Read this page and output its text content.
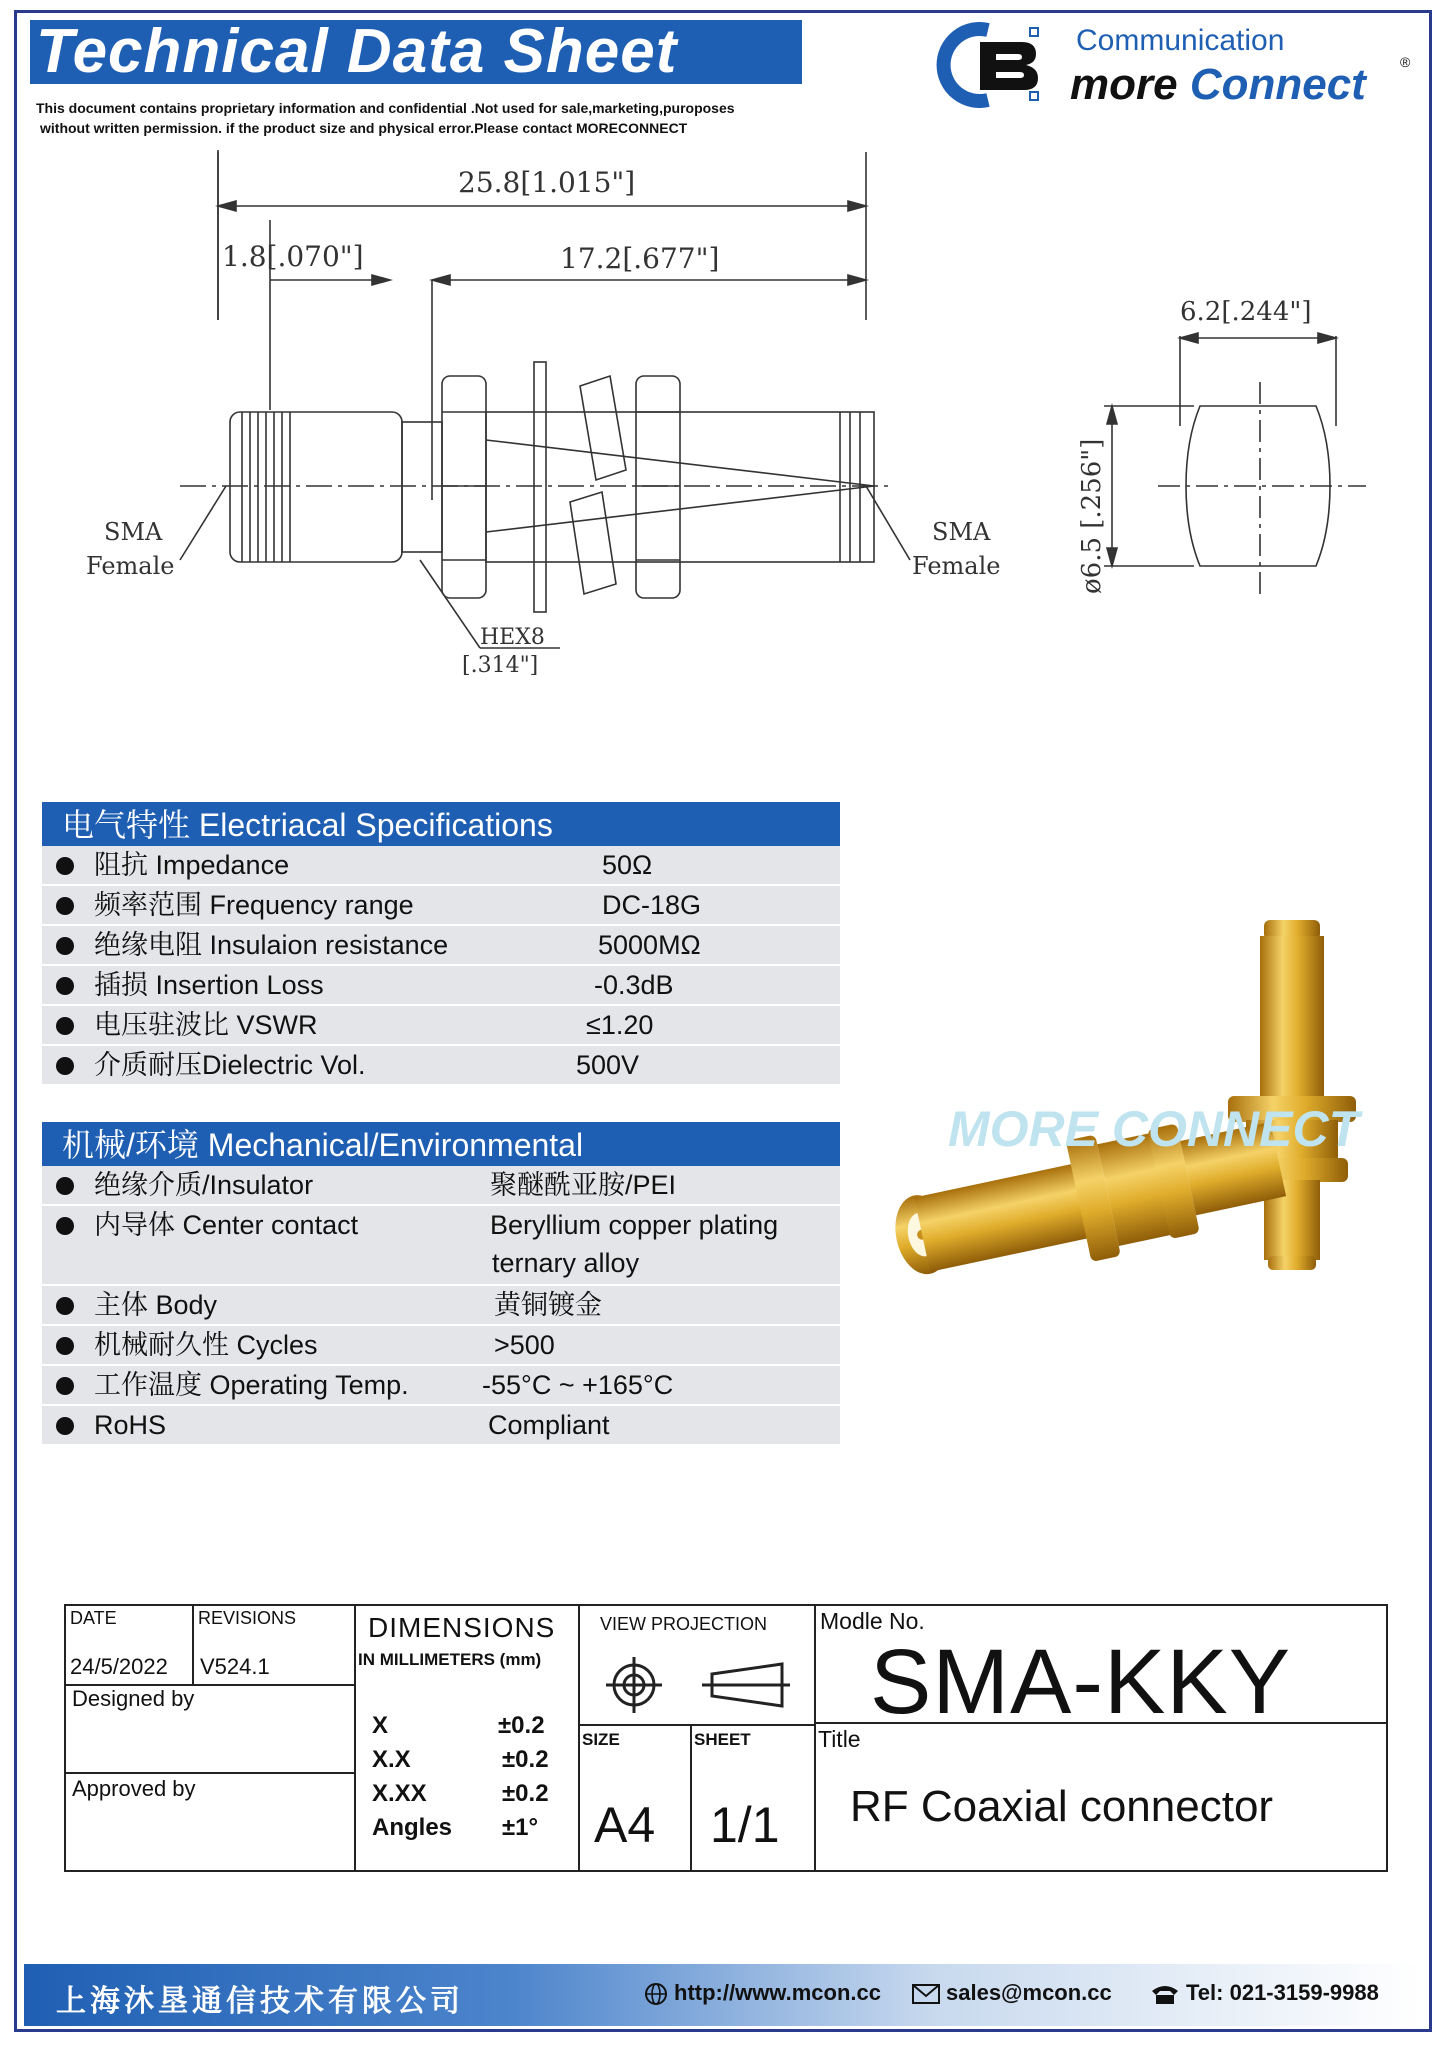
Technical Data Sheet
This document contains proprietary information and confidential .Not used for sale,marketing,puroposes
without written permission. if the product size and physical error.Please contact MORECONNECT
Communication
more Connect ®
25.8[1.015"]
1.8[.070"]	17.2[.677"]
6.2[.244"]
ø6.5 [.256"]
HEX8
[.314"]
SMA
Female
SMA
Female
电气特性 Electriacal Specifications
阻抗 Impedance	50Ω
频率范围 Frequency range	DC-18G
绝缘电阻 Insulaion resistance	5000MΩ
插损 Insertion Loss	-0.3dB
电压驻波比 VSWR	≤1.20
介质耐压Dielectric Vol.	500V
机械/环境 Mechanical/Environmental
绝缘介质/Insulator	聚醚酰亚胺/PEI
内导体 Center contact	Beryllium copper plating
ternary alloy
主体 Body	黄铜镀金
机械耐久性 Cycles	>500
工作温度 Operating Temp.	-55°C ~ +165°C
RoHS	Compliant
MORE CONNECT
DATE
24/5/2022
REVISIONS
V524.1
Designed by
Approved by
DIMENSIONS
IN MILLIMETERS (mm)
X	±0.2
X.X	±0.2
X.XX	±0.2
Angles ±1°
VIEW PROJECTION
SIZE
A4
SHEET
1/1
Modle No.
SMA-KKY
Title
RF Coaxial connector
上海沐垦通信技术有限公司	http://www.mcon.cc	sales@mcon.cc	Tel: 021-3159-9988
